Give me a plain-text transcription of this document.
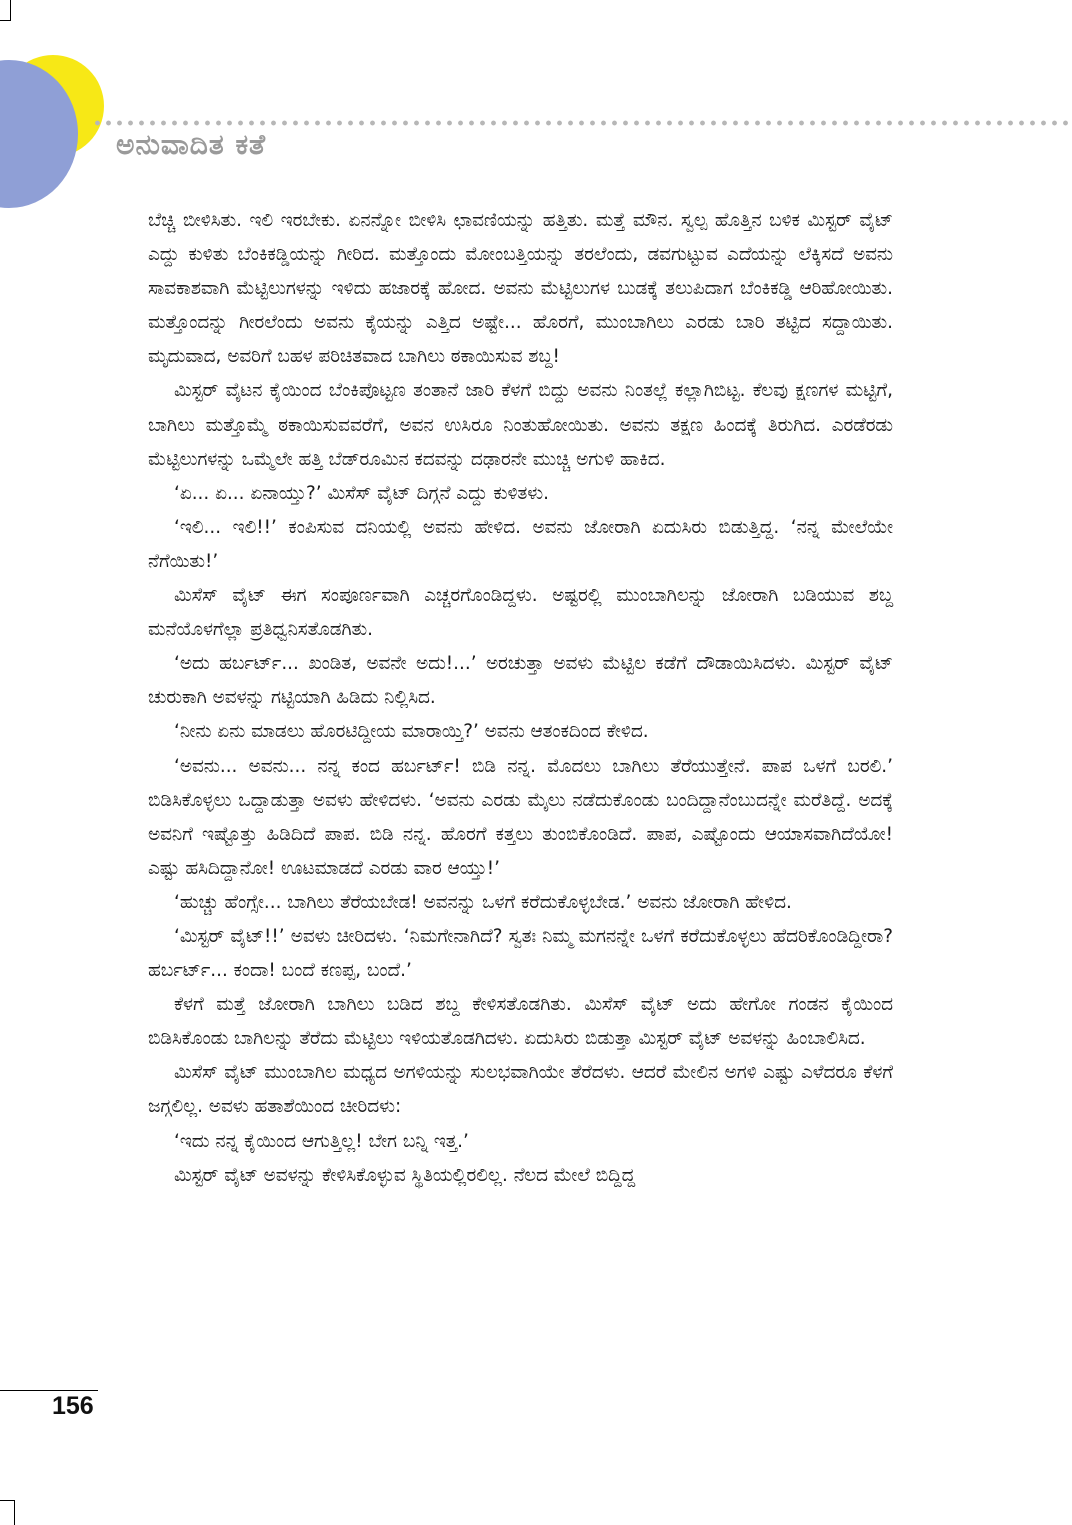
ಅನುವಾದಿತ ಕತೆ

ಬೆಚ್ಚಿ ಬೀಳಿಸಿತು. ಇಲಿ ಇರಬೇಕು. ಏನನ್ನೋ ಬೀಳಿಸಿ ಛಾವಣಿಯನ್ನು ಹತ್ತಿತು. ಮತ್ತೆ ಮೌನ. ಸ್ವಲ್ಪ ಹೊತ್ತಿನ ಬಳಿಕ ಮಿಸ್ಟರ್ ವೈಟ್ ಎದ್ದು ಕುಳಿತು ಬೆಂಕಿಕಡ್ಡಿಯನ್ನು ಗೀರಿದ. ಮತ್ತೊಂದು ಮೋಂಬತ್ತಿಯನ್ನು ತರಲೆಂದು, ಡವಗುಟ್ಟುವ ಎದೆಯನ್ನು ಲೆಕ್ಕಿಸದೆ ಅವನು ಸಾವಕಾಶವಾಗಿ ಮೆಟ್ಟಿಲುಗಳನ್ನು ಇಳಿದು ಹಜಾರಕ್ಕೆ ಹೋದ. ಅವನು ಮೆಟ್ಟಿಲುಗಳ ಬುಡಕ್ಕೆ ತಲುಪಿದಾಗ ಬೆಂಕಿಕಡ್ಡಿ ಆರಿಹೋಯಿತು. ಮತ್ತೊಂದನ್ನು ಗೀರಲೆಂದು ಅವನು ಕೈಯನ್ನು ಎತ್ತಿದ ಅಷ್ಟೇ... ಹೊರಗೆ, ಮುಂಬಾಗಿಲು ಎರಡು ಬಾರಿ ತಟ್ಟಿದ ಸದ್ದಾಯಿತು. ಮೃದುವಾದ, ಅವರಿಗೆ ಬಹಳ ಪರಿಚಿತವಾದ ಬಾಗಿಲು ಠಕಾಯಿಸುವ ಶಬ್ದ!

ಮಿಸ್ಟರ್ ವೈಟನ ಕೈಯಿಂದ ಬೆಂಕಿಪೊಟ್ಟಣ ತಂತಾನೆ ಜಾರಿ ಕೆಳಗೆ ಬಿದ್ದು ಅವನು ನಿಂತಲ್ಲೆ ಕಲ್ಲಾಗಿಬಿಟ್ಟ. ಕೆಲವು ಕ್ಷಣಗಳ ಮಟ್ಟಿಗೆ, ಬಾಗಿಲು ಮತ್ತೊಮ್ಮೆ ಠಕಾಯಿಸುವವರೆಗೆ, ಅವನ ಉಸಿರೂ ನಿಂತುಹೋಯಿತು. ಅವನು ತಕ್ಷಣ ಹಿಂದಕ್ಕೆ ತಿರುಗಿದ. ಎರಡೆರಡು ಮೆಟ್ಟಿಲುಗಳನ್ನು ಒಮ್ಮೆಲೇ ಹತ್ತಿ ಬೆಡ್‌ರೂಮಿನ ಕದವನ್ನು ದಢಾರನೇ ಮುಚ್ಚಿ ಅಗುಳಿ ಹಾಕಿದ.

‘ಏ... ಏ... ಏನಾಯ್ತು?’ ಮಿಸೆಸ್ ವೈಟ್ ದಿಗ್ಗನೆ ಎದ್ದು ಕುಳಿತಳು.

‘ಇಲಿ... ಇಲಿ!!’ ಕಂಪಿಸುವ ದನಿಯಲ್ಲಿ ಅವನು ಹೇಳಿದ. ಅವನು ಜೋರಾಗಿ ಏದುಸಿರು ಬಿಡುತ್ತಿದ್ದ. ‘ನನ್ನ ಮೇಲೆಯೇ ನೆಗೆಯಿತು!’

ಮಿಸೆಸ್ ವೈಟ್ ಈಗ ಸಂಪೂರ್ಣವಾಗಿ ಎಚ್ಚರಗೊಂಡಿದ್ದಳು. ಅಷ್ಟರಲ್ಲಿ ಮುಂಬಾಗಿಲನ್ನು ಜೋರಾಗಿ ಬಡಿಯುವ ಶಬ್ದ ಮನೆಯೊಳಗೆಲ್ಲಾ ಪ್ರತಿಧ್ವನಿಸತೊಡಗಿತು.

‘ಅದು ಹರ್ಬರ್ಟ್... ಖಂಡಿತ, ಅವನೇ ಅದು!...’ ಅರಚುತ್ತಾ ಅವಳು ಮೆಟ್ಟಿಲ ಕಡೆಗೆ ದೌಡಾಯಿಸಿದಳು. ಮಿಸ್ಟರ್ ವೈಟ್ ಚುರುಕಾಗಿ ಅವಳನ್ನು ಗಟ್ಟಿಯಾಗಿ ಹಿಡಿದು ನಿಲ್ಲಿಸಿದ.

‘ನೀನು ಏನು ಮಾಡಲು ಹೊರಟಿದ್ದೀಯ ಮಾರಾಯ್ತಿ?’ ಅವನು ಆತಂಕದಿಂದ ಕೇಳಿದ.

‘ಅವನು... ಅವನು... ನನ್ನ ಕಂದ ಹರ್ಬರ್ಟ್! ಬಿಡಿ ನನ್ನ. ಮೊದಲು ಬಾಗಿಲು ತೆರೆಯುತ್ತೇನೆ. ಪಾಪ ಒಳಗೆ ಬರಲಿ.’ ಬಿಡಿಸಿಕೊಳ್ಳಲು ಒದ್ದಾಡುತ್ತಾ ಅವಳು ಹೇಳಿದಳು. ‘ಅವನು ಎರಡು ಮೈಲು ನಡೆದುಕೊಂಡು ಬಂದಿದ್ದಾನೆಂಬುದನ್ನೇ ಮರೆತಿದ್ದೆ. ಅದಕ್ಕೆ ಅವನಿಗೆ ಇಷ್ಟೊತ್ತು ಹಿಡಿದಿದೆ ಪಾಪ. ಬಿಡಿ ನನ್ನ. ಹೊರಗೆ ಕತ್ತಲು ತುಂಬಿಕೊಂಡಿದೆ. ಪಾಪ, ಎಷ್ಟೊಂದು ಆಯಾಸವಾಗಿದೆಯೋ! ಎಷ್ಟು ಹಸಿದಿದ್ದಾನೋ! ಊಟಮಾಡದೆ ಎರಡು ವಾರ ಆಯ್ತು!’

‘ಹುಚ್ಚು ಹೆಂಗ್ಸೇ... ಬಾಗಿಲು ತೆರೆಯಬೇಡ! ಅವನನ್ನು ಒಳಗೆ ಕರೆದುಕೊಳ್ಳಬೇಡ.’ ಅವನು ಜೋರಾಗಿ ಹೇಳಿದ.

‘ಮಿಸ್ಟರ್ ವೈಟ್!!’ ಅವಳು ಚೀರಿದಳು. ‘ನಿಮಗೇನಾಗಿದೆ? ಸ್ವತಃ ನಿಮ್ಮ ಮಗನನ್ನೇ ಒಳಗೆ ಕರೆದುಕೊಳ್ಳಲು ಹೆದರಿಕೊಂಡಿದ್ದೀರಾ? ಹರ್ಬರ್ಟ್... ಕಂದಾ! ಬಂದೆ ಕಣಪ್ಪ, ಬಂದೆ.’

ಕೆಳಗೆ ಮತ್ತೆ ಜೋರಾಗಿ ಬಾಗಿಲು ಬಡಿದ ಶಬ್ದ ಕೇಳಿಸತೊಡಗಿತು. ಮಿಸೆಸ್ ವೈಟ್ ಅದು ಹೇಗೋ ಗಂಡನ ಕೈಯಿಂದ ಬಿಡಿಸಿಕೊಂಡು ಬಾಗಿಲನ್ನು ತೆರೆದು ಮೆಟ್ಟಿಲು ಇಳಿಯತೊಡಗಿದಳು. ಏದುಸಿರು ಬಿಡುತ್ತಾ ಮಿಸ್ಟರ್ ವೈಟ್ ಅವಳನ್ನು ಹಿಂಬಾಲಿಸಿದ.

ಮಿಸೆಸ್ ವೈಟ್ ಮುಂಬಾಗಿಲ ಮಧ್ಯದ ಅಗಳಿಯನ್ನು ಸುಲಭವಾಗಿಯೇ ತೆರೆದಳು. ಆದರೆ ಮೇಲಿನ ಅಗಳಿ ಎಷ್ಟು ಎಳೆದರೂ ಕೆಳಗೆ ಜಗ್ಗಲಿಲ್ಲ. ಅವಳು ಹತಾಶೆಯಿಂದ ಚೀರಿದಳು:

‘ಇದು ನನ್ನ ಕೈಯಿಂದ ಆಗುತ್ತಿಲ್ಲ! ಬೇಗ ಬನ್ನಿ ಇತ್ತ.’

ಮಿಸ್ಟರ್ ವೈಟ್ ಅವಳನ್ನು ಕೇಳಿಸಿಕೊಳ್ಳುವ ಸ್ಥಿತಿಯಲ್ಲಿರಲಿಲ್ಲ. ನೆಲದ ಮೇಲೆ ಬಿದ್ದಿದ್ದ

156
